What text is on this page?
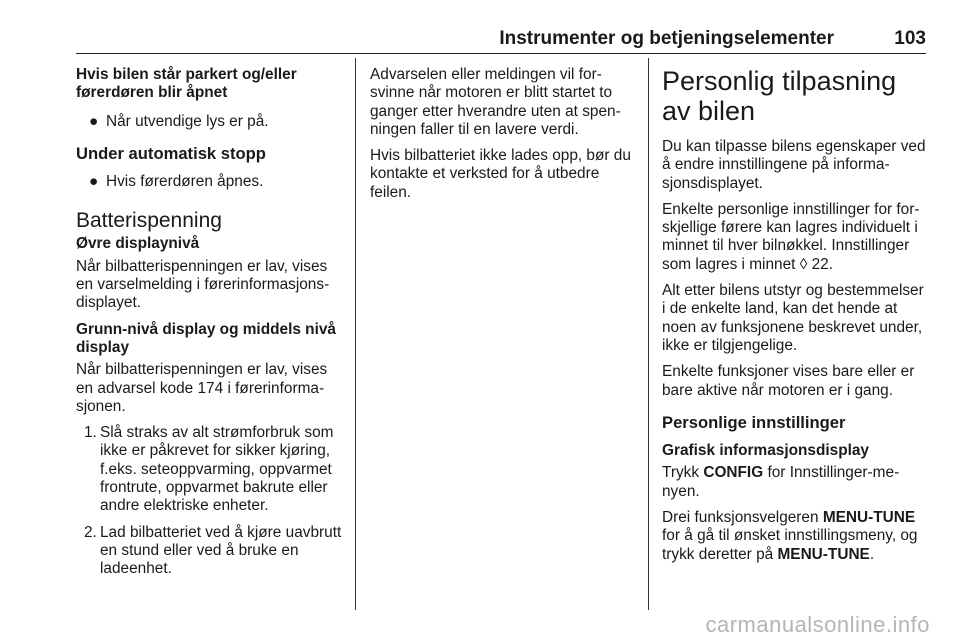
Instrumenter og betjeningselementer	103
Hvis bilen står parkert og/eller førerdøren blir åpnet
● Når utvendige lys er på.
Under automatisk stopp
● Hvis førerdøren åpnes.
Batterispenning
Øvre displaynivå

Når bilbatterispenningen er lav, vises en varselmelding i førerinformasjonsdisplayet.

Grunn-nivå display og middels nivå display

Når bilbatterispenningen er lav, vises en advarsel kode 174 i førerinformasjonen.

1. Slå straks av alt strømforbruk som ikke er påkrevet for sikker kjøring, f.eks. seteoppvarming, oppvarmet frontrute, oppvarmet bakrute eller andre elektriske enheter.
2. Lad bilbatteriet ved å kjøre uavbrutt en stund eller ved å bruke en ladeenhet.

Advarselen eller meldingen vil forsvinne når motoren er blitt startet to ganger etter hverandre uten at spenningen faller til en lavere verdi.

Hvis bilbatteriet ikke lades opp, bør du kontakte et verksted for å utbedre feilen.

Personlig tilpasning av bilen

Du kan tilpasse bilens egenskaper ved å endre innstillingene på informasjonsdisplayet.

Enkelte personlige innstillinger for forskjellige førere kan lagres individuelt i minnet til hver bilnøkkel. Innstillinger som lagres i minnet ◊ 22.

Alt etter bilens utstyr og bestemmelser i de enkelte land, kan det hende at noen av funksjonene beskrevet under, ikke er tilgjengelige.

Enkelte funksjoner vises bare eller er bare aktive når motoren er i gang.

Personlige innstillinger
Grafisk informasjonsdisplay

Trykk CONFIG for Innstillinger-menyen.

Drei funksjonsvelgeren MENU-TUNE for å gå til ønsket innstillingsmeny, og trykk deretter på MENU-TUNE.

carmanualsonline.info
